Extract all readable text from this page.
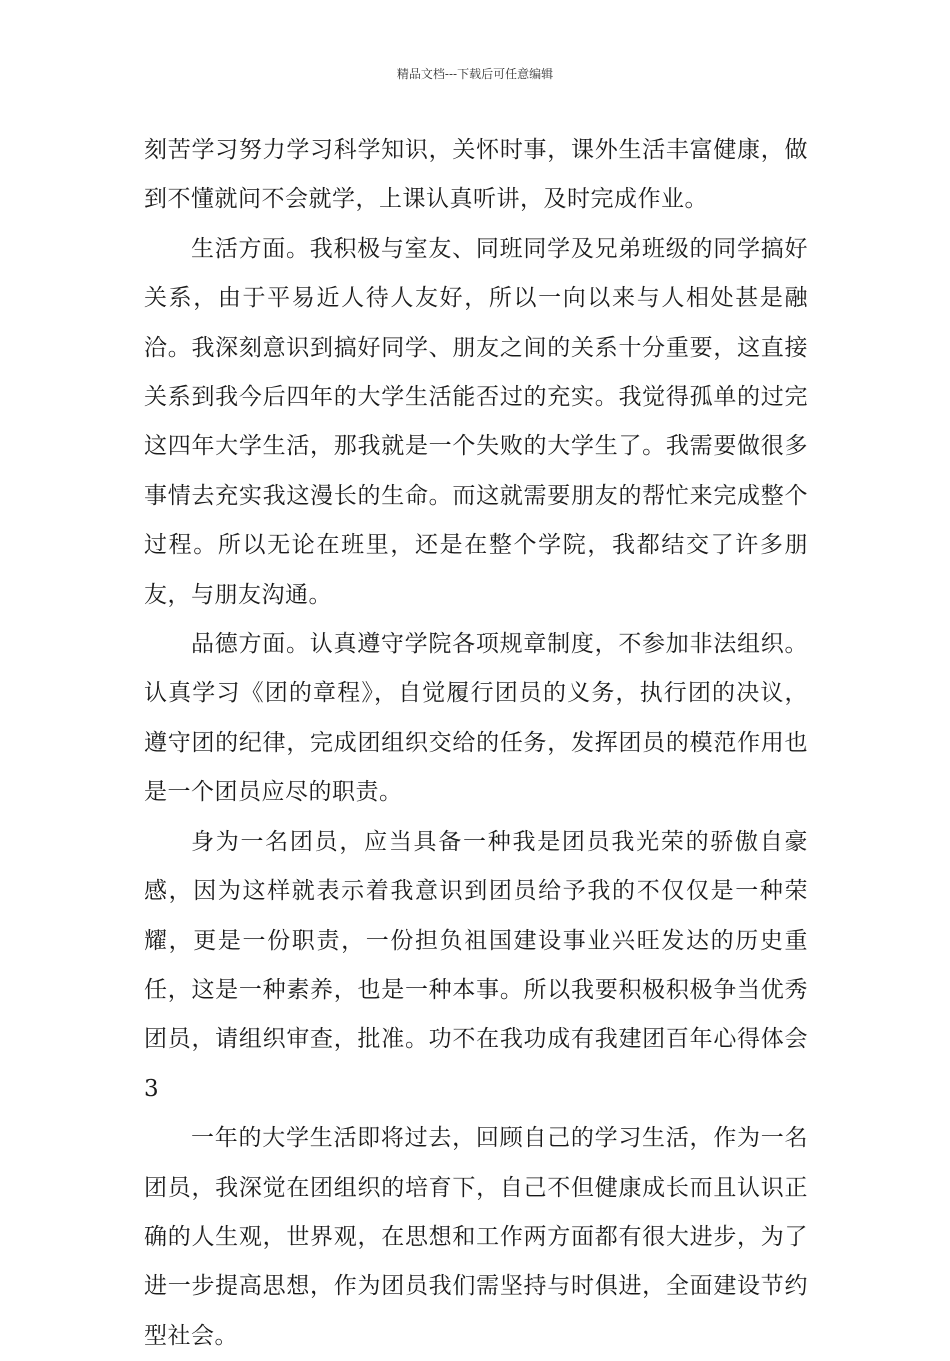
精品文档---下载后可任意编辑

刻苦学习努力学习科学知识，关怀时事，课外生活丰富健康，做到不懂就问不会就学，上课认真听讲，及时完成作业。

生活方面。我积极与室友、同班同学及兄弟班级的同学搞好关系，由于平易近人待人友好，所以一向以来与人相处甚是融洽。我深刻意识到搞好同学、朋友之间的关系十分重要，这直接关系到我今后四年的大学生活能否过的充实。我觉得孤单的过完这四年大学生活，那我就是一个失败的大学生了。我需要做很多事情去充实我这漫长的生命。而这就需要朋友的帮忙来完成整个过程。所以无论在班里，还是在整个学院，我都结交了许多朋友，与朋友沟通。

品德方面。认真遵守学院各项规章制度，不参加非法组织。认真学习《团的章程》，自觉履行团员的义务，执行团的决议，遵守团的纪律，完成团组织交给的任务，发挥团员的模范作用也是一个团员应尽的职责。

身为一名团员，应当具备一种我是团员我光荣的骄傲自豪感，因为这样就表示着我意识到团员给予我的不仅仅是一种荣耀，更是一份职责，一份担负祖国建设事业兴旺发达的历史重任，这是一种素养，也是一种本事。所以我要积极积极争当优秀团员，请组织审查，批准。功不在我功成有我建团百年心得体会3

一年的大学生活即将过去，回顾自己的学习生活，作为一名团员，我深觉在团组织的培育下，自己不但健康成长而且认识正确的人生观，世界观，在思想和工作两方面都有很大进步，为了进一步提高思想，作为团员我们需坚持与时俱进，全面建设节约型社会。
